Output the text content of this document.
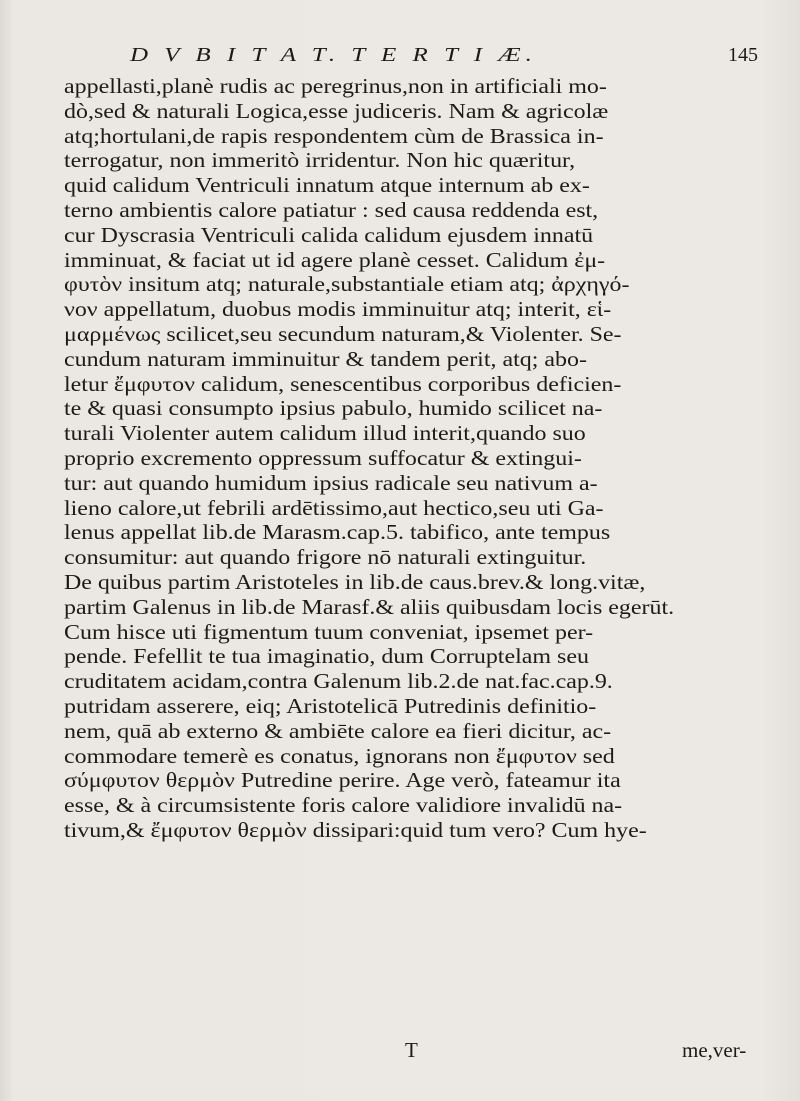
D V B I T A T. T E R T I Æ.	145
appellasti,planè rudis ac peregrinus,non in artificiali mo-
dò,sed & naturali Logica,esse judiceris. Nam & agricolæ
atq;hortulani,de rapis respondentem cùm de Brassica in-
terrogatur, non immeritò irridentur. Non hic quæritur,
quid calidum Ventriculi innatum atque internum ab ex-
terno ambientis calore patiatur : sed causa reddenda est,
cur Dyscrasia Ventriculi calida calidum ejusdem innatū
imminuat, & faciat ut id agere planè cesset. Calidum ἐμ-
φυτὸν insitum atq; naturale,substantiale etiam atq; ἀρχηγό-
νον appellatum, duobus modis imminuitur atq; interit, εἱ-
μαρμένως scilicet,seu secundum naturam,& Violenter. Se-
cundum naturam imminuitur & tandem perit, atq; abo-
letur ἔμφυτον calidum, senescentibus corporibus deficien-
te & quasi consumpto ipsius pabulo, humido scilicet na-
turali Violenter autem calidum illud interit,quando suo
proprio excremento oppressum suffocatur & extingui-
tur: aut quando humidum ipsius radicale seu nativum a-
lieno calore,ut febrili ardētissimo,aut hectico,seu uti Ga-
lenus appellat lib.de Marasm.cap.5. tabifico, ante tempus
consumitur: aut quando frigore nō naturali extinguitur.
De quibus partim Aristoteles in lib.de caus.brev.& long.vitæ,
partim Galenus in lib.de Marasf.& aliis quibusdam locis egerūt.
Cum hisce uti figmentum tuum conveniat, ipsemet per-
pende. Fefellit te tua imaginatio, dum Corruptelam seu
cruditatem acidam,contra Galenum lib.2.de nat.fac.cap.9.
putridam asserere, eiq; Aristotelicā Putredinis definitio-
nem, quā ab externo & ambiēte calore ea fieri dicitur, ac-
commodare temerè es conatus, ignorans non ἔμφυτον sed
σύμφυτον θερμὸν Putredine perire. Age verò, fateamur ita
esse, & à circumsistente foris calore validiore invalidū na-
tivum,& ἔμφυτον θερμὸν dissipari:quid tum vero? Cum hye-
T	me,ver-
